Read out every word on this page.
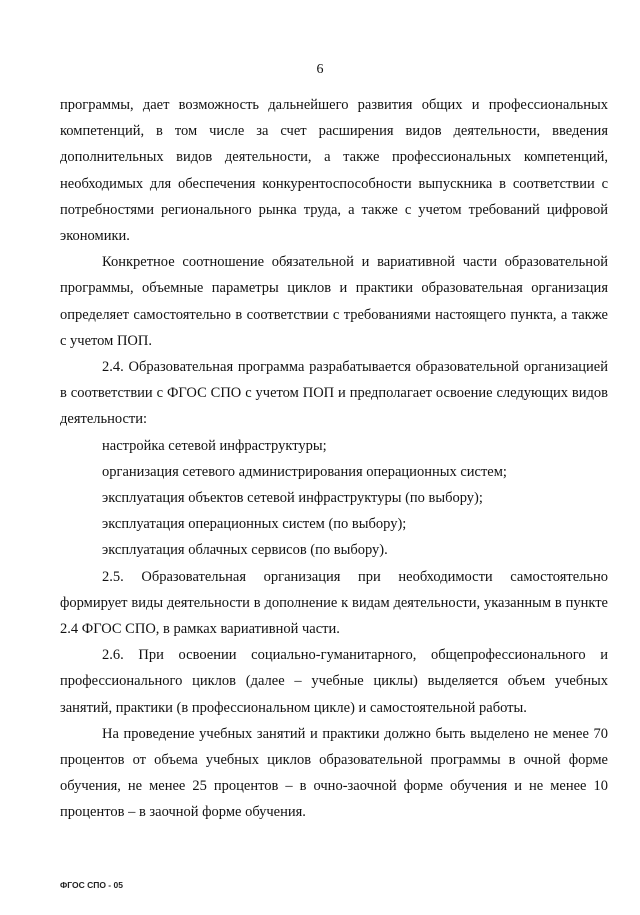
6

программы, дает возможность дальнейшего развития общих и профессиональных компетенций, в том числе за счет расширения видов деятельности, введения дополнительных видов деятельности, а также профессиональных компетенций, необходимых для обеспечения конкурентоспособности выпускника в соответствии с потребностями регионального рынка труда, а также с учетом требований цифровой экономики.

Конкретное соотношение обязательной и вариативной части образовательной программы, объемные параметры циклов и практики образовательная организация определяет самостоятельно в соответствии с требованиями настоящего пункта, а также с учетом ПОП.

2.4. Образовательная программа разрабатывается образовательной организацией в соответствии с ФГОС СПО с учетом ПОП и предполагает освоение следующих видов деятельности:

настройка сетевой инфраструктуры;

организация сетевого администрирования операционных систем;

эксплуатация объектов сетевой инфраструктуры (по выбору);

эксплуатация операционных систем (по выбору);

эксплуатация облачных сервисов (по выбору).

2.5. Образовательная организация при необходимости самостоятельно формирует виды деятельности в дополнение к видам деятельности, указанным в пункте 2.4 ФГОС СПО, в рамках вариативной части.

2.6. При освоении социально-гуманитарного, общепрофессионального и профессионального циклов (далее – учебные циклы) выделяется объем учебных занятий, практики (в профессиональном цикле) и самостоятельной работы.

На проведение учебных занятий и практики должно быть выделено не менее 70 процентов от объема учебных циклов образовательной программы в очной форме обучения, не менее 25 процентов – в очно-заочной форме обучения и не менее 10 процентов – в заочной форме обучения.

ФГОС СПО - 05
